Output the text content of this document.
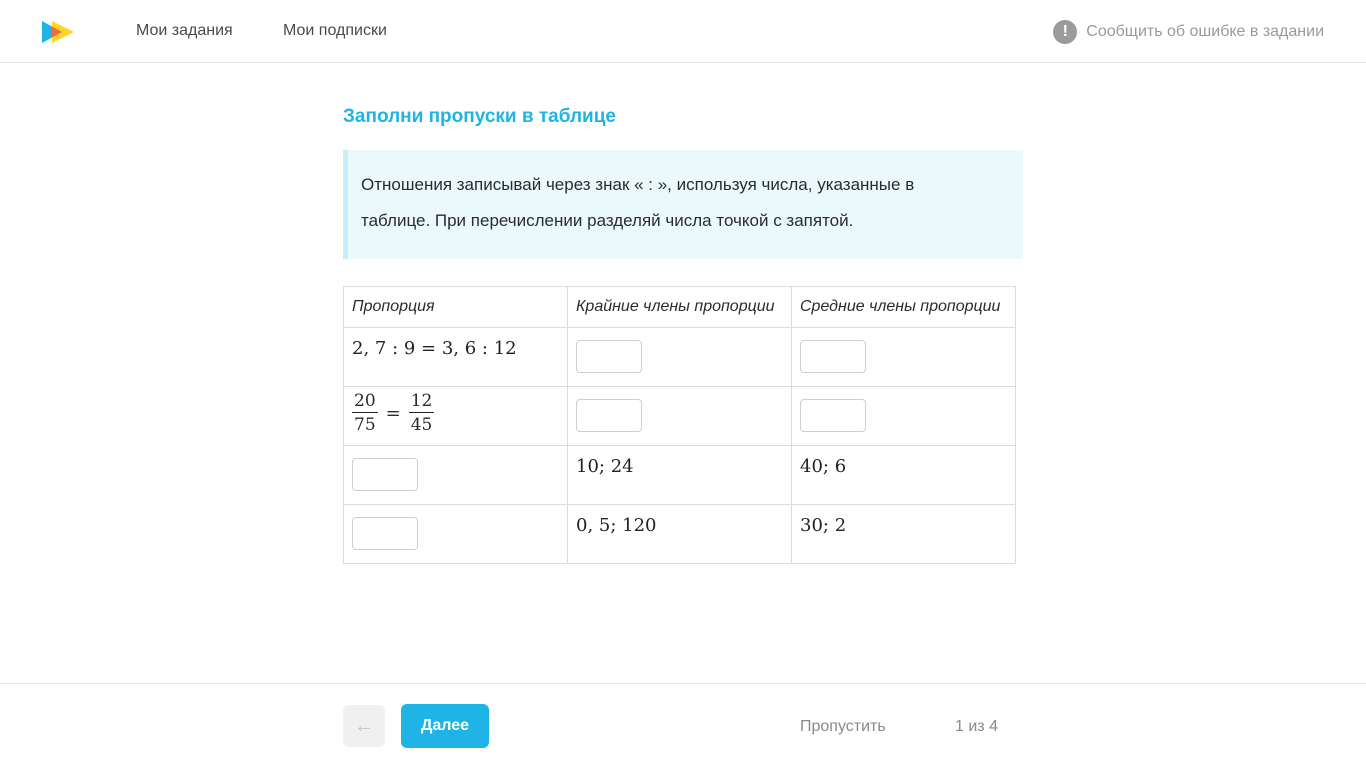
Мои задания	Мои подписки	!	Сообщить об ошибке в задании
Заполни пропуски в таблице
Отношения записывай через знак « : », используя числа, указанные в таблице. При перечислении разделяй числа точкой с запятой.
Пропорция	Крайние члены пропорции	Средние члены пропорции
2, 7 : 9 = 3, 6 : 12	

$\frac{20}{75} = \frac{12}{45}$

	10; 24	40; 6

	0, 5; 120	30; 2
←	Далее	Пропустить	1 из 4
